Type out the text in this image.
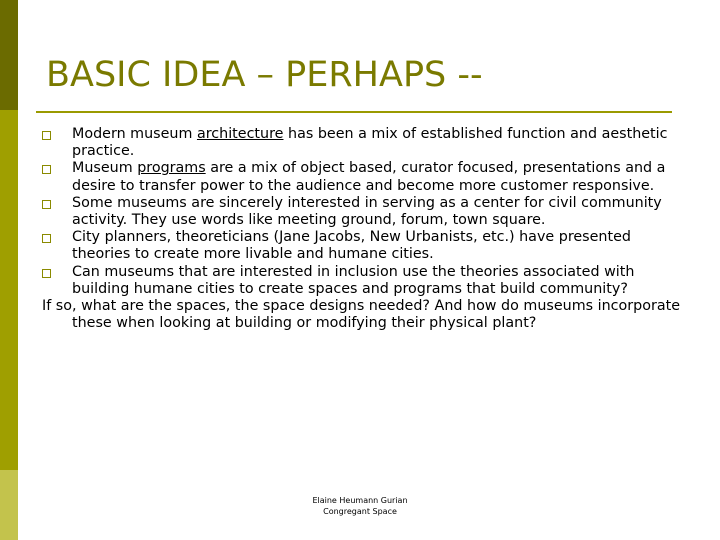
BASIC IDEA – PERHAPS --

Modern museum architecture has been a mix of established function and aesthetic practice.

Museum programs are a mix of object based, curator focused, presentations and a desire to transfer power to the audience and become more customer responsive.

Some museums are sincerely interested in serving as a center for civil community activity. They use words like meeting ground, forum, town square.

City planners, theoreticians (Jane Jacobs, New Urbanists, etc.) have presented theories to create more livable and humane cities.

Can museums that are interested in inclusion use the theories associated with building humane cities to create spaces and programs that build community?

If so, what are the spaces, the space designs needed? And how do museums incorporate these when looking at building or modifying their physical plant?

Elaine Heumann Gurian
Congregant Space
